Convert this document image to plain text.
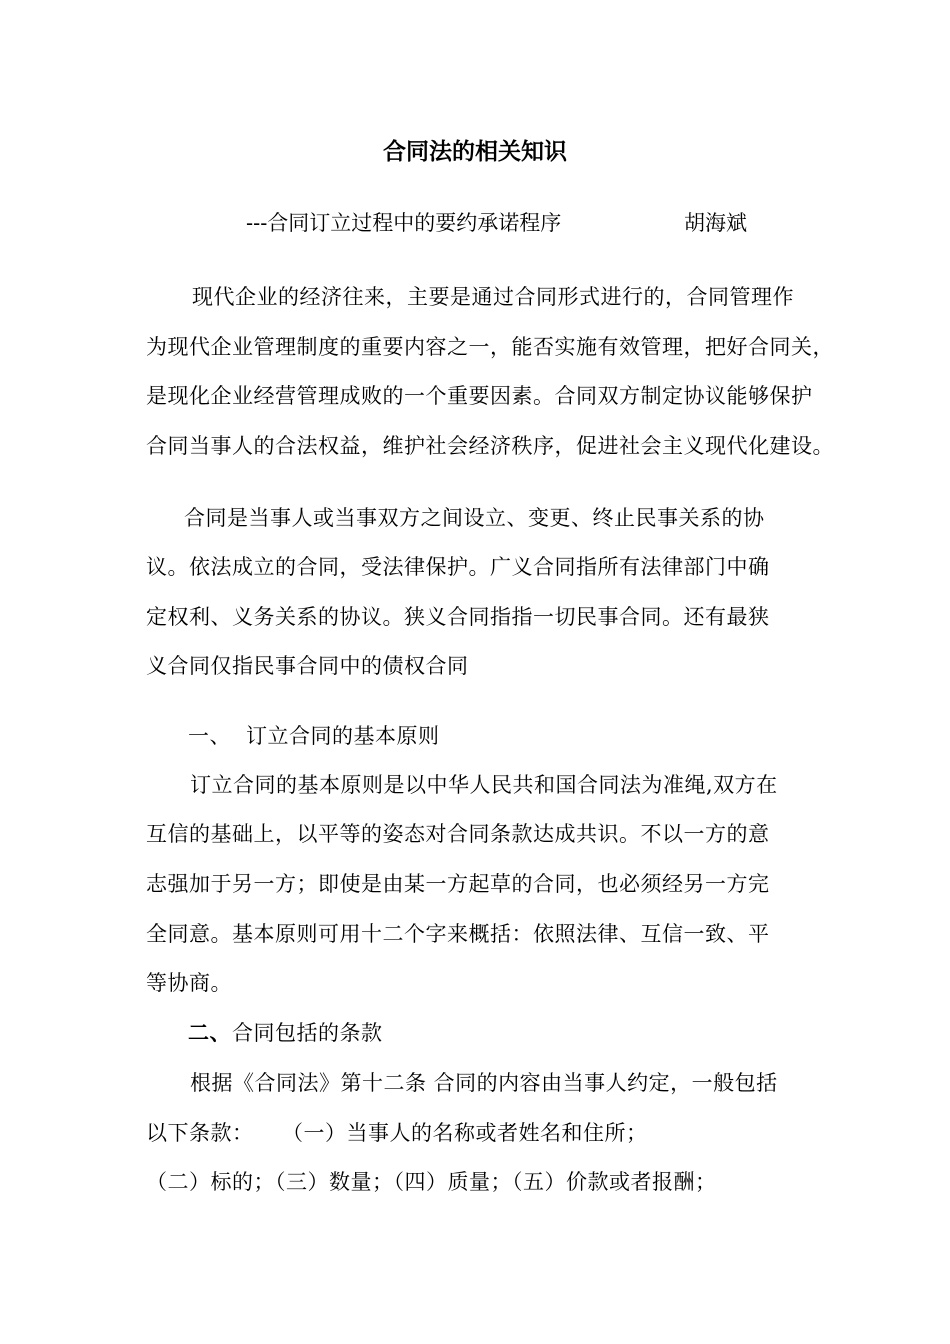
合同法的相关知识
---合同订立过程中的要约承诺程序	胡海斌
现代企业的经济往来，主要是通过合同形式进行的，合同管理作
为现代企业管理制度的重要内容之一，能否实施有效管理，把好合同关，
是现化企业经营管理成败的一个重要因素。合同双方制定协议能够保护
合同当事人的合法权益，维护社会经济秩序，促进社会主义现代化建设。
合同是当事人或当事双方之间设立、变更、终止民事关系的协
议。依法成立的合同，受法律保护。广义合同指所有法律部门中确
定权利、义务关系的协议。狭义合同指指一切民事合同。还有最狭
义合同仅指民事合同中的债权合同
一、 订立合同的基本原则
订立合同的基本原则是以中华人民共和国合同法为准绳,双方在
互信的基础上，以平等的姿态对合同条款达成共识。不以一方的意
志强加于另一方；即使是由某一方起草的合同，也必须经另一方完
全同意。基本原则可用十二个字来概括：依照法律、互信一致、平
等协商。
二、 合同包括的条款
根据《合同法》第十二条 合同的内容由当事人约定，一般包括
以下条款： （一）当事人的名称或者姓名和住所；
（二）标的；（三）数量；（四）质量；（五）价款或者报酬；
